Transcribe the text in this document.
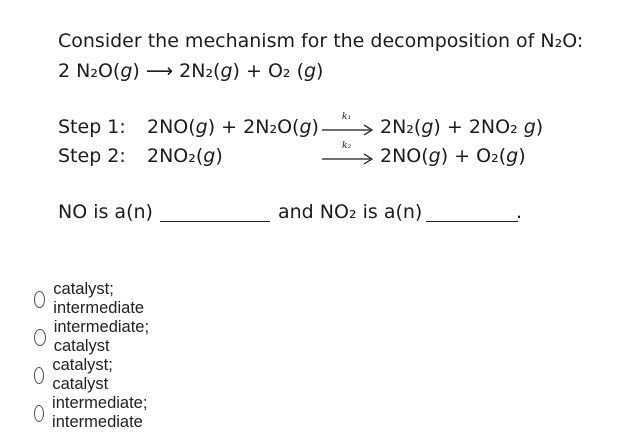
Consider the mechanism for the decomposition of N₂O:
2 N₂O(g) ⟶ 2N₂(g) + O₂ (g)
Step 1: 2NO(g) + 2N₂O(g)	k₁ 2N₂(g) + 2NO₂ g)
Step 2: 2NO₂(g)	k₂ 2NO(g) + O₂(g)
NO is a(n)	and NO₂ is a(n)	.
catalyst; intermediate
intermediate; catalyst
catalyst; catalyst
intermediate; intermediate
